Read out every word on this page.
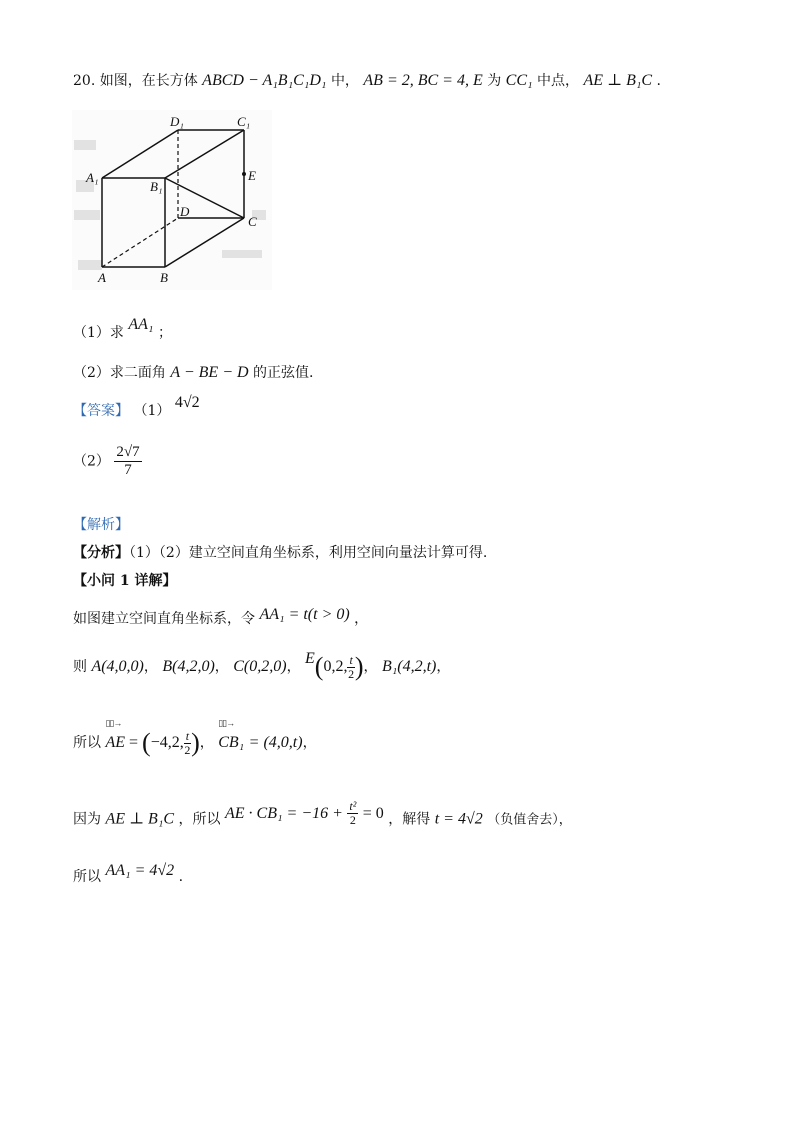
20. 如图，在长方体 ABCD − A₁B₁C₁D₁ 中， AB = 2, BC = 4, E 为 CC₁ 中点， AE ⊥ B₁C .
D₁	C₁
A₁
B₁
E
D
C
A	B
（1）求 AA₁ ；
（2）求二面角 A − BE − D 的正弦值.
【答案】 （1） 4√2
$(2) \frac{2√7}{7}$
【解析】
【分析】（1）（2）建立空间直角坐标系，利用空间向量法计算可得.
【小问 1 详解】
如图建立空间直角坐标系，令 AA₁ = t(t > 0) ，
则 A(4,0,0)， B(4,2,0)， C(0,2,0)， E(0,2, $\frac{t}{2}$ )， B₁(4,2,t)，
所以 ▯▯→ AE = (−4,2, $\frac{t}{2}$ )， ▯▯→ CB₁ = (4,0,t)，
因为 AE ⊥ B₁C ，所以 AE · $CB_1 = -16 + \frac{\text{t²}}{2} = 0$ ，解得 t = 4√2 （负值舍去），
所以 AA₁ = 4√2 .
